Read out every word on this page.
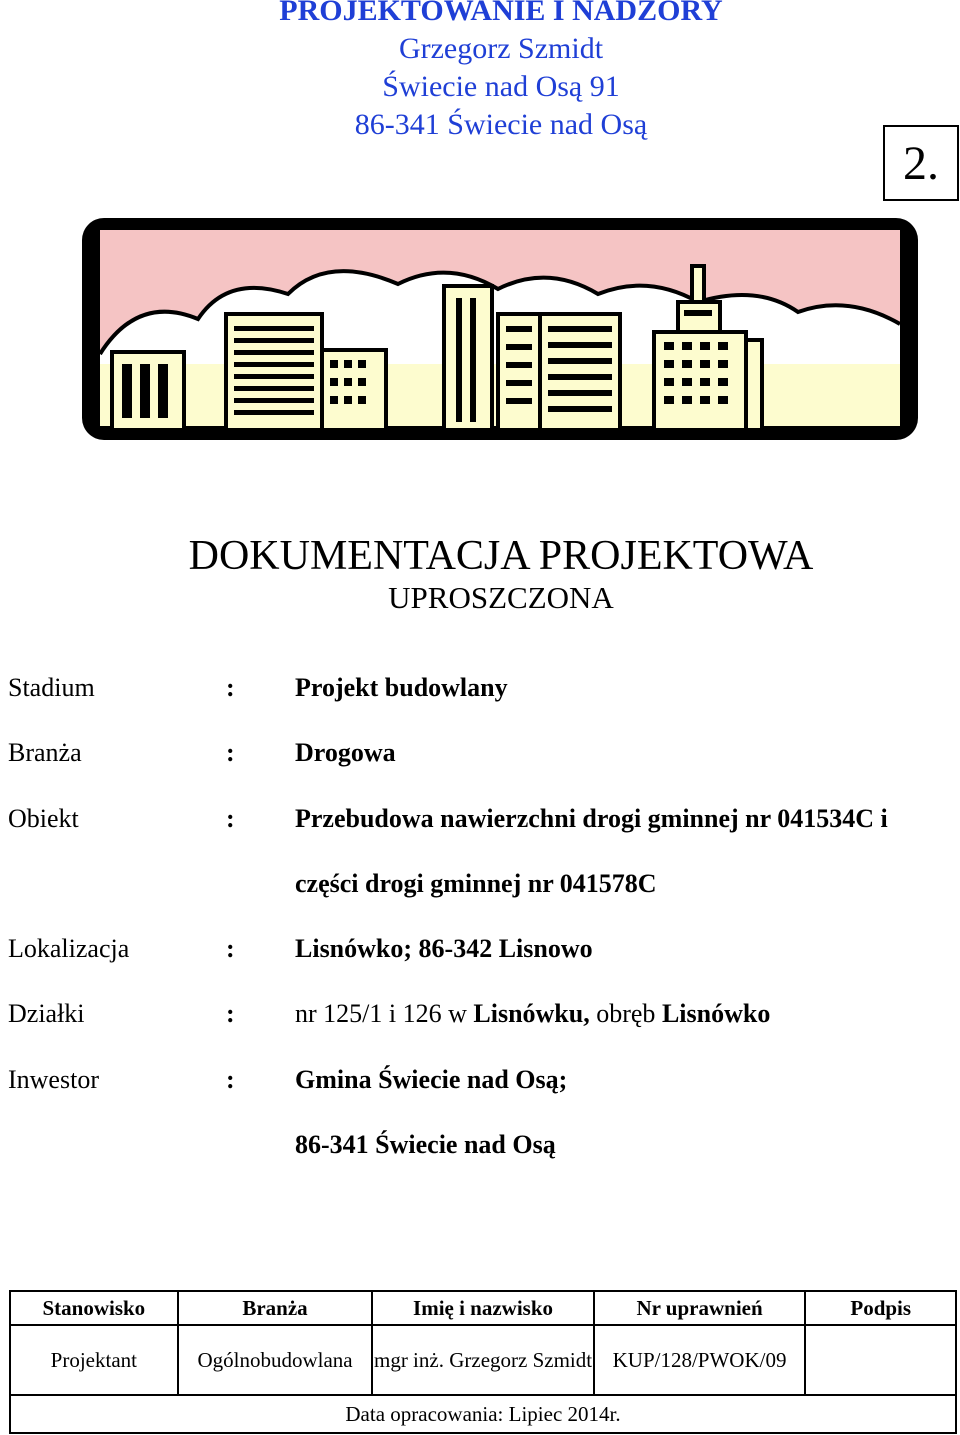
PROJEKTOWANIE I NADZORY
Grzegorz Szmidt
Świecie nad Osą 91
86-341 Świecie nad Osą
2.
DOKUMENTACJA PROJEKTOWA
UPROSZCZONA
Stadium	: Projekt budowlany
Branża	: Drogowa
Obiekt	: Przebudowa nawierzchni drogi gminnej nr 041534C i
części drogi gminnej nr 041578C
Lokalizacja	: Lisnówko; 86-342 Lisnowo
Działki	: nr 125/1 i 126 w Lisnówku, obręb Lisnówko
Inwestor	: Gmina Świecie nad Osą;
86-341 Świecie nad Osą
Stanowisko	Branża	Imię i nazwisko	Nr uprawnień	Podpis
Projektant	Ogólnobudowlana	mgr inż. Grzegorz Szmidt	KUP/128/PWOK/09	
Data opracowania: Lipiec 2014r.				
